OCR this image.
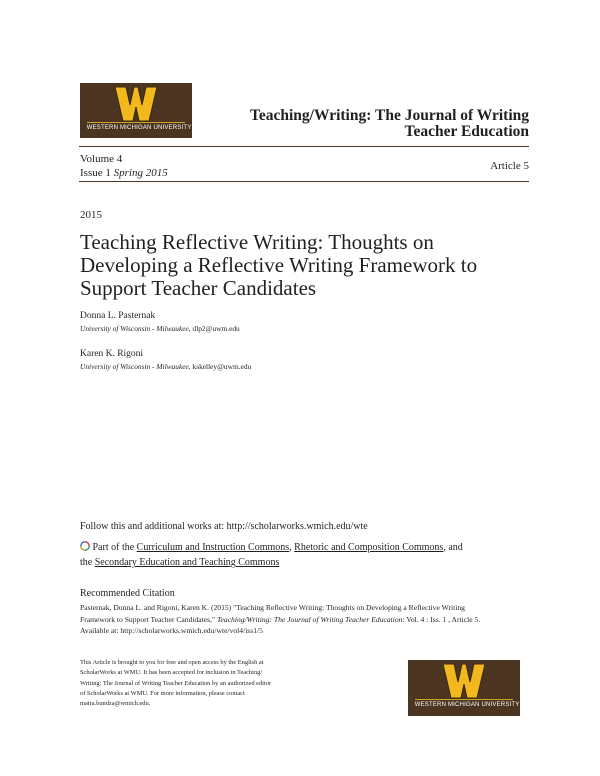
WESTERN MICHIGAN UNIVERSITY
Teaching/Writing: The Journal of Writing
Teacher Education
Volume 4
Issue 1 Spring 2015
Article 5
2015
Teaching Reflective Writing: Thoughts on
Developing a Reflective Writing Framework to
Support Teacher Candidates
Donna L. Pasternak
University of Wisconsin - Milwaukee, dlp2@uwm.edu
Karen K. Rigoni
University of Wisconsin - Milwaukee, kskelley@uwm.edu
Follow this and additional works at: http://scholarworks.wmich.edu/wte
Part of the Curriculum and Instruction Commons, Rhetoric and Composition Commons, and
the Secondary Education and Teaching Commons
Recommended Citation
Pasternak, Donna L. and Rigoni, Karen K. (2015) "Teaching Reflective Writing: Thoughts on Developing a Reflective Writing
Framework to Support Teacher Candidates," Teaching/Writing: The Journal of Writing Teacher Education: Vol. 4 : Iss. 1 , Article 5.
Available at: http://scholarworks.wmich.edu/wte/vol4/iss1/5
This Article is brought to you for free and open access by the English at
ScholarWorks at WMU. It has been accepted for inclusion in Teaching/
Writing: The Journal of Writing Teacher Education by an authorized editor
of ScholarWorks at WMU. For more information, please contact
maira.bundza@wmich.edu.	WESTERN MICHIGAN UNIVERSITY
